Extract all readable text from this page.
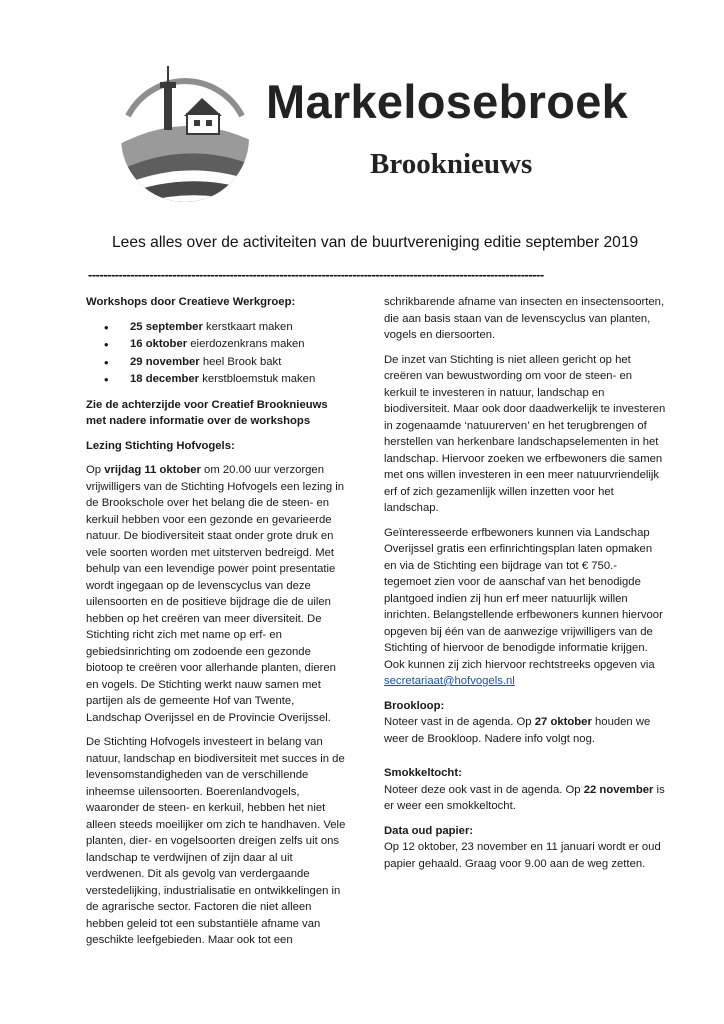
Markelosebroek
Brooknieuws
Lees alles over de activiteiten van de buurtvereniging editie september 2019
-----------------------------------------------------------------------------------------------------------------------

Workshops door Creatieve Werkgroep:

• 25 september kerstkaart maken
• 16 oktober eierdozenkrans maken
• 29 november heel Brook bakt
• 18 december kerstbloemstuk maken

Zie de achterzijde voor Creatief Brooknieuws met nadere informatie over de workshops

Lezing Stichting Hofvogels:

Op vrijdag 11 oktober om 20.00 uur verzorgen vrijwilligers van de Stichting Hofvogels een lezing in de Brookschole over het belang die de steen- en kerkuil hebben voor een gezonde en gevarieerde natuur. De biodiversiteit staat onder grote druk en vele soorten worden met uitsterven bedreigd. Met behulp van een levendige power point presentatie wordt ingegaan op de levenscyclus van deze uilensoorten en de positieve bijdrage die de uilen hebben op het creëren van meer diversiteit. De Stichting richt zich met name op erf- en gebiedsinrichting om zodoende een gezonde biotoop te creëren voor allerhande planten, dieren en vogels. De Stichting werkt nauw samen met partijen als de gemeente Hof van Twente, Landschap Overijssel en de Provincie Overijssel.

De Stichting Hofvogels investeert in belang van natuur, landschap en biodiversiteit met succes in de levensomstandigheden van de verschillende inheemse uilensoorten. Boerenlandvogels, waaronder de steen- en kerkuil, hebben het niet alleen steeds moeilijker om zich te handhaven. Vele planten, dier- en vogelsoorten dreigen zelfs uit ons landschap te verdwijnen of zijn daar al uit verdwenen. Dit als gevolg van verdergaande verstedelijking, industrialisatie en ontwikkelingen in de agrarische sector. Factoren die niet alleen hebben geleid tot een substantiële afname van geschikte leefgebieden. Maar ook tot een

schrikbarende afname van insecten en insectensoorten, die aan basis staan van de levenscyclus van planten, vogels en diersoorten.

De inzet van Stichting is niet alleen gericht op het creëren van bewustwording om voor de steen- en kerkuil te investeren in natuur, landschap en biodiversiteit. Maar ook door daadwerkelijk te investeren in zogenaamde ‘natuurerven’ en het terugbrengen of herstellen van herkenbare landschapselementen in het landschap. Hiervoor zoeken we erfbewoners die samen met ons willen investeren in een meer natuurvriendelijk erf of zich gezamenlijk willen inzetten voor het landschap.

Geïnteresseerde erfbewoners kunnen via Landschap Overijssel gratis een erfinrichtingsplan laten opmaken en via de Stichting een bijdrage van tot € 750.- tegemoet zien voor de aanschaf van het benodigde plantgoed indien zij hun erf meer natuurlijk willen inrichten. Belangstellende erfbewoners kunnen hiervoor opgeven bij één van de aanwezige vrijwilligers van de Stichting of hiervoor de benodigde informatie krijgen. Ook kunnen zij zich hiervoor rechtstreeks opgeven via secretariaat@hofvogels.nl

Brookloop:
Noteer vast in de agenda. Op 27 oktober houden we weer de Brookloop. Nadere info volgt nog.

Smokkeltocht:
Noteer deze ook vast in de agenda. Op 22 november is er weer een smokkeltocht.

Data oud papier:
Op 12 oktober, 23 november en 11 januari wordt er oud papier gehaald. Graag voor 9.00 aan de weg zetten.
